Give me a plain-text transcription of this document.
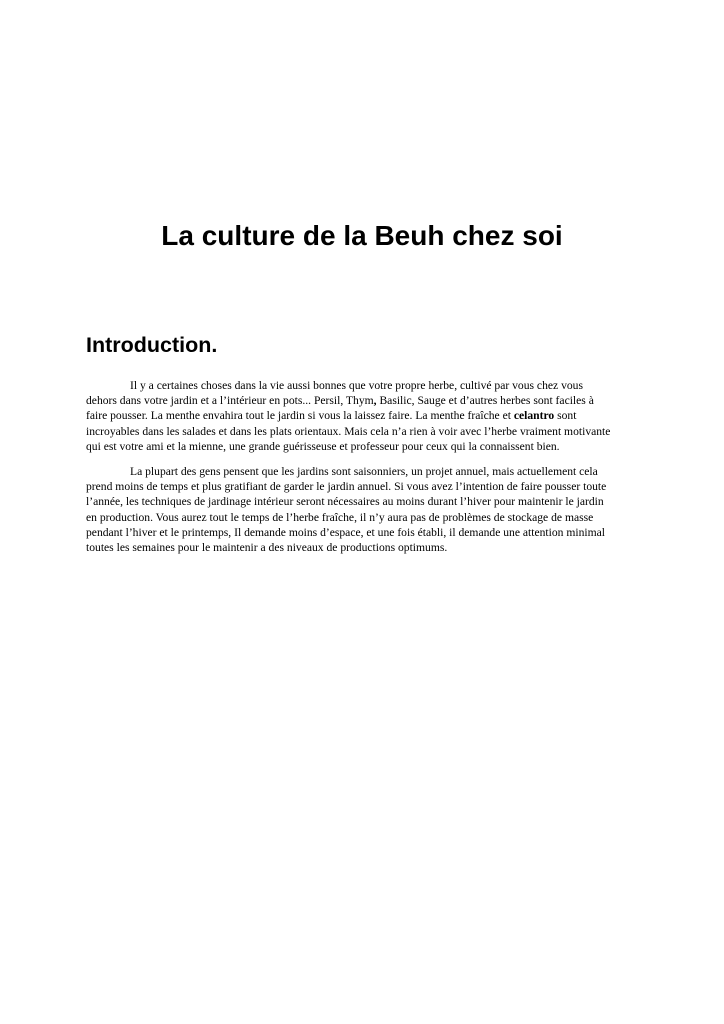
La culture de la Beuh chez soi
Introduction.

Il y a certaines choses dans la vie aussi bonnes que votre propre herbe, cultivé par vous chez vous
dehors dans votre jardin et a l’intérieur en pots... Persil, Thym, Basilic, Sauge et d’autres herbes sont faciles à
faire pousser. La menthe envahira tout le jardin si vous la laissez faire. La menthe fraîche et celantro sont
incroyables dans les salades et dans les plats orientaux. Mais cela n’a rien à voir avec l’herbe vraiment motivante
qui est votre ami et la mienne, une grande guérisseuse et professeur pour ceux qui la connaissent bien.

La plupart des gens pensent que les jardins sont saisonniers, un projet annuel, mais actuellement cela
prend moins de temps et plus gratifiant de garder le jardin annuel. Si vous avez l’intention de faire pousser toute
l’année, les techniques de jardinage intérieur seront nécessaires au moins durant l’hiver pour maintenir le jardin
en production. Vous aurez tout le temps de l’herbe fraîche, il n’y aura pas de problèmes de stockage de masse
pendant l’hiver et le printemps, Il demande moins d’espace, et une fois établi, il demande une attention minimal
toutes les semaines pour le maintenir a des niveaux de productions optimums.
